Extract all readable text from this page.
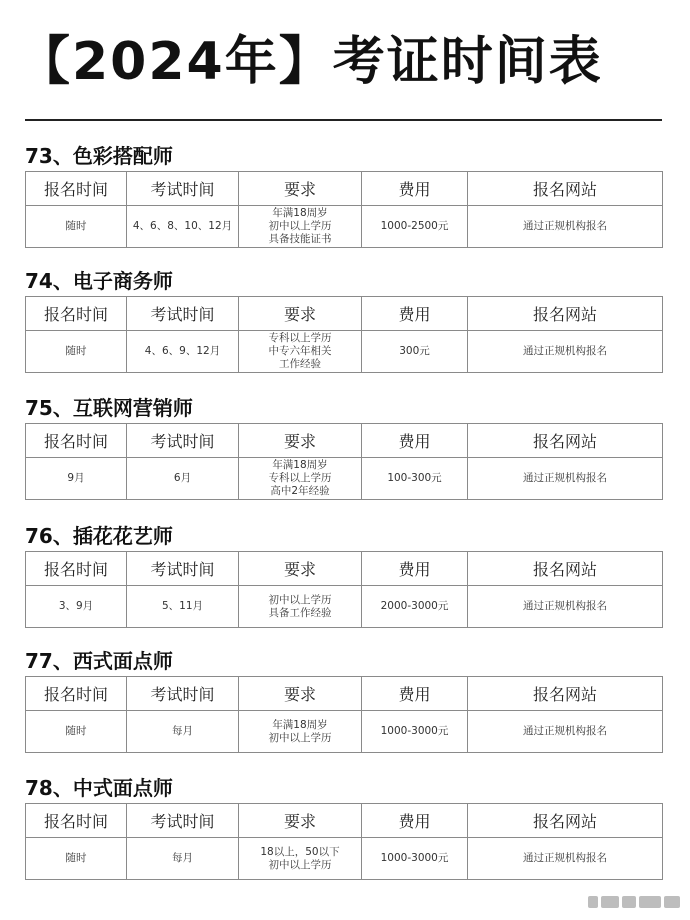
【2024年】考证时间表
73、色彩搭配师
报名时间	考试时间	要求	费用	报名网站
随时	4、6、8、10、12月	年满18周岁
初中以上学历
具备技能证书	1000-2500元	通过正规机构报名
74、电子商务师
报名时间	考试时间	要求	费用	报名网站
随时	4、6、9、12月	专科以上学历
中专六年相关
工作经验	300元	通过正规机构报名
75、互联网营销师
报名时间	考试时间	要求	费用	报名网站
9月	6月	年满18周岁
专科以上学历
高中2年经验	100-300元	通过正规机构报名
76、插花花艺师
报名时间	考试时间	要求	费用	报名网站
3、9月	5、11月	初中以上学历
具备工作经验	2000-3000元	通过正规机构报名
77、西式面点师
报名时间	考试时间	要求	费用	报名网站
随时	每月	年满18周岁
初中以上学历	1000-3000元	通过正规机构报名
78、中式面点师
报名时间	考试时间	要求	费用	报名网站
随时	每月	18以上，50以下
初中以上学历	1000-3000元	通过正规机构报名
